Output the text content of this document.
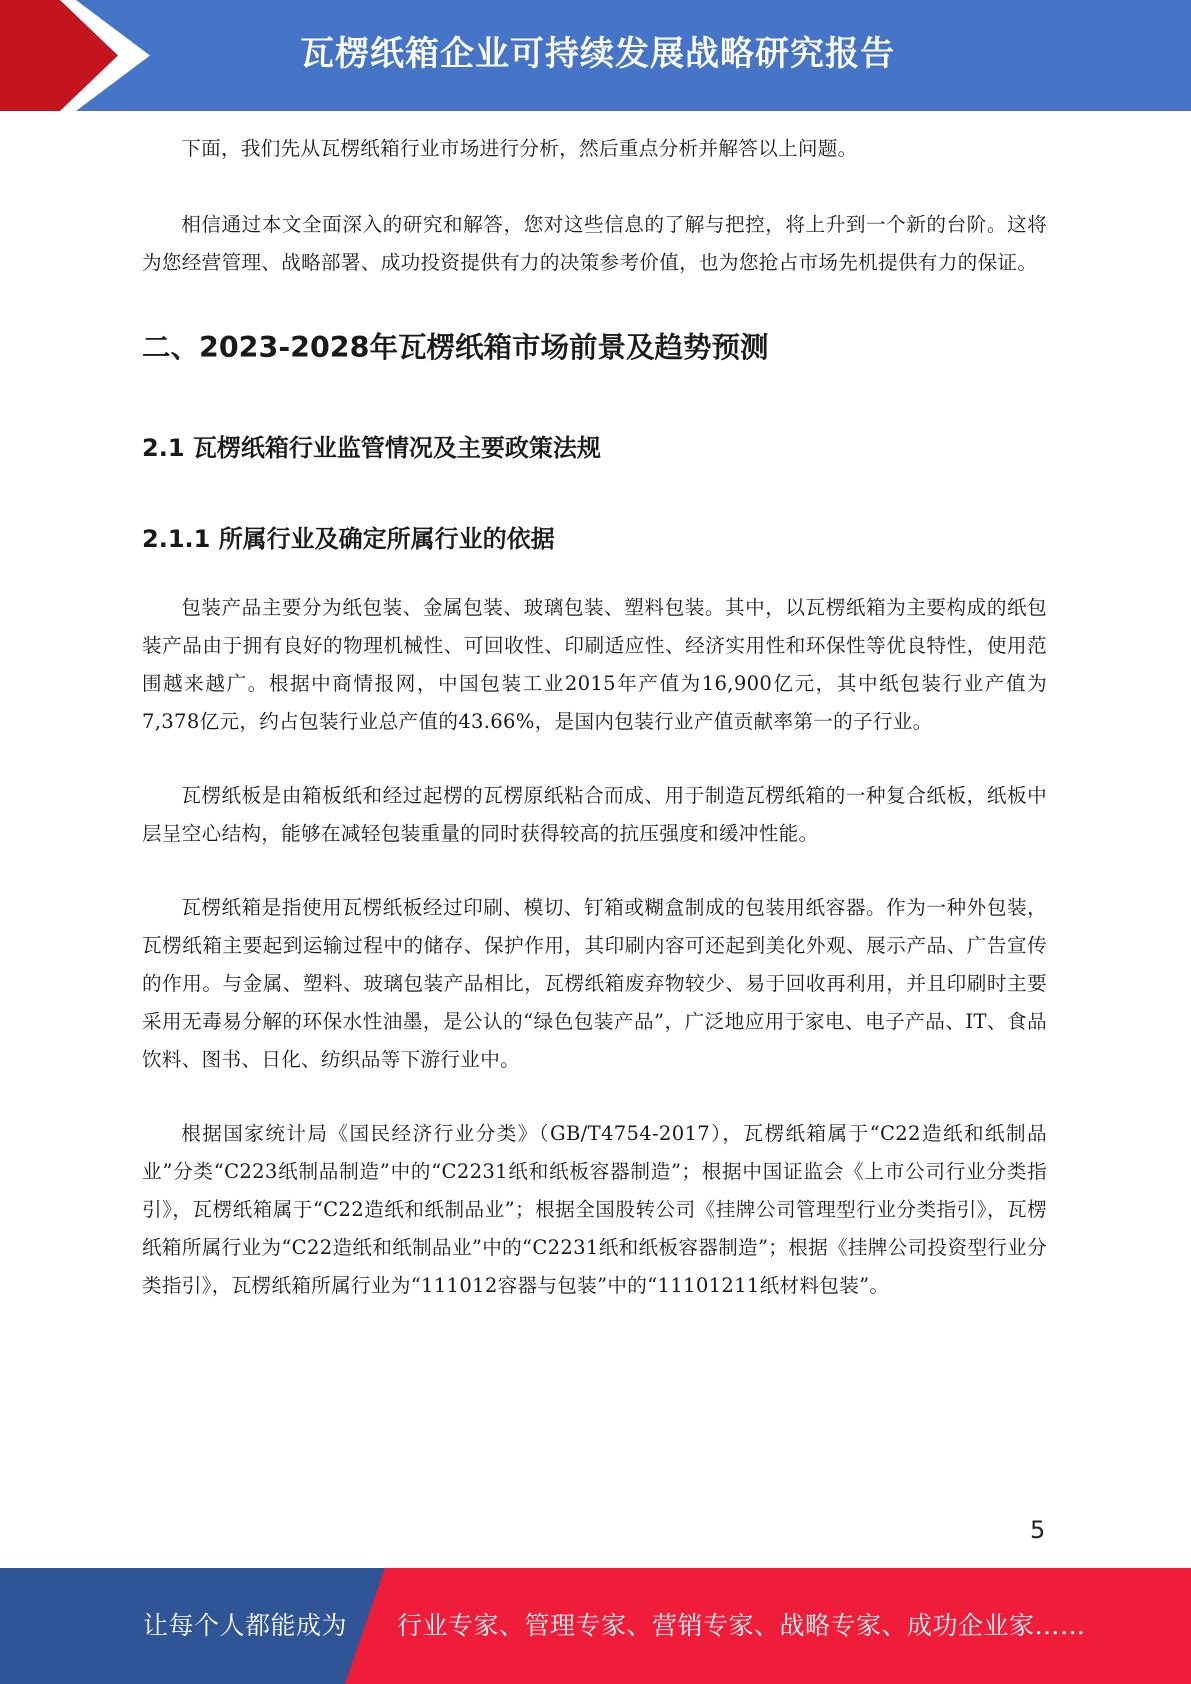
瓦楞纸箱企业可持续发展战略研究报告

下面，我们先从瓦楞纸箱行业市场进行分析，然后重点分析并解答以上问题。

相信通过本文全面深入的研究和解答，您对这些信息的了解与把控，将上升到一个新的台阶。这将为您经营管理、战略部署、成功投资提供有力的决策参考价值，也为您抢占市场先机提供有力的保证。

二、2023-2028年瓦楞纸箱市场前景及趋势预测
2.1 瓦楞纸箱行业监管情况及主要政策法规
2.1.1 所属行业及确定所属行业的依据

包装产品主要分为纸包装、金属包装、玻璃包装、塑料包装。其中，以瓦楞纸箱为主要构成的纸包装产品由于拥有良好的物理机械性、可回收性、印刷适应性、经济实用性和环保性等优良特性，使用范围越来越广。根据中商情报网，中国包装工业2015年产值为16,900亿元，其中纸包装行业产值为7,378亿元，约占包装行业总产值的43.66%，是国内包装行业产值贡献率第一的子行业。

瓦楞纸板是由箱板纸和经过起楞的瓦楞原纸粘合而成、用于制造瓦楞纸箱的一种复合纸板，纸板中层呈空心结构，能够在减轻包装重量的同时获得较高的抗压强度和缓冲性能。

瓦楞纸箱是指使用瓦楞纸板经过印刷、模切、钉箱或糊盒制成的包装用纸容器。作为一种外包装，瓦楞纸箱主要起到运输过程中的储存、保护作用，其印刷内容可还起到美化外观、展示产品、广告宣传的作用。与金属、塑料、玻璃包装产品相比，瓦楞纸箱废弃物较少、易于回收再利用，并且印刷时主要采用无毒易分解的环保水性油墨，是公认的“绿色包装产品”，广泛地应用于家电、电子产品、IT、食品饮料、图书、日化、纺织品等下游行业中。

根据国家统计局《国民经济行业分类》（GB/T4754-2017），瓦楞纸箱属于“C22造纸和纸制品业”分类“C223纸制品制造”中的“C2231纸和纸板容器制造”；根据中国证监会《上市公司行业分类指引》，瓦楞纸箱属于“C22造纸和纸制品业”；根据全国股转公司《挂牌公司管理型行业分类指引》，瓦楞纸箱所属行业为“C22造纸和纸制品业”中的“C2231纸和纸板容器制造”；根据《挂牌公司投资型行业分类指引》，瓦楞纸箱所属行业为“111012容器与包装”中的“11101211纸材料包装”。

5
让每个人都能成为 行业专家、管理专家、营销专家、战略专家、成功企业家……
